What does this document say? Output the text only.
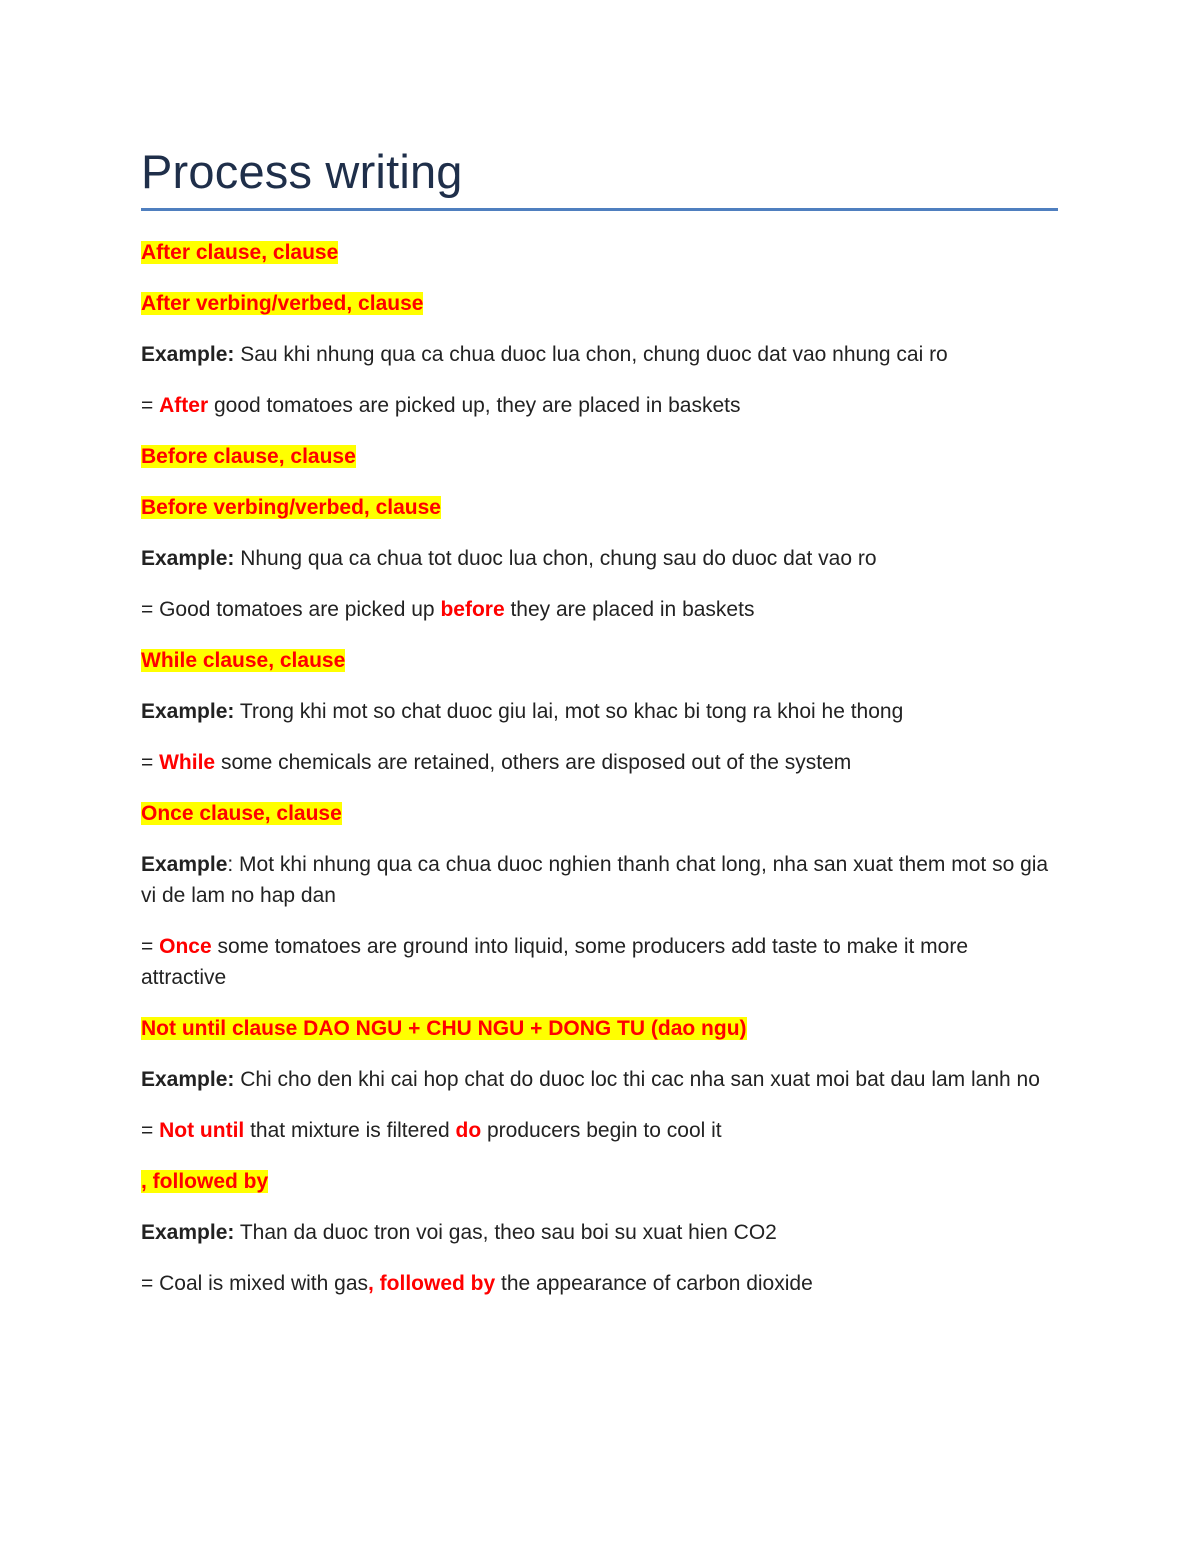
Process writing

After clause, clause

After verbing/verbed, clause

Example: Sau khi nhung qua ca chua duoc lua chon, chung duoc dat vao nhung cai ro

= After good tomatoes are picked up, they are placed in baskets

Before clause, clause

Before verbing/verbed, clause

Example: Nhung qua ca chua tot duoc lua chon, chung sau do duoc dat vao ro

= Good tomatoes are picked up before they are placed in baskets

While clause, clause

Example: Trong khi mot so chat duoc giu lai, mot so khac bi tong ra khoi he thong

= While some chemicals are retained, others are disposed out of the system

Once clause, clause

Example: Mot khi nhung qua ca chua duoc nghien thanh chat long, nha san xuat them mot so gia vi de lam no hap dan

= Once some tomatoes are ground into liquid, some producers add taste to make it more attractive

Not until clause DAO NGU + CHU NGU + DONG TU (dao ngu)

Example: Chi cho den khi cai hop chat do duoc loc thi cac nha san xuat moi bat dau lam lanh no

= Not until that mixture is filtered do producers begin to cool it

, followed by

Example: Than da duoc tron voi gas, theo sau boi su xuat hien CO2

= Coal is mixed with gas, followed by the appearance of carbon dioxide
